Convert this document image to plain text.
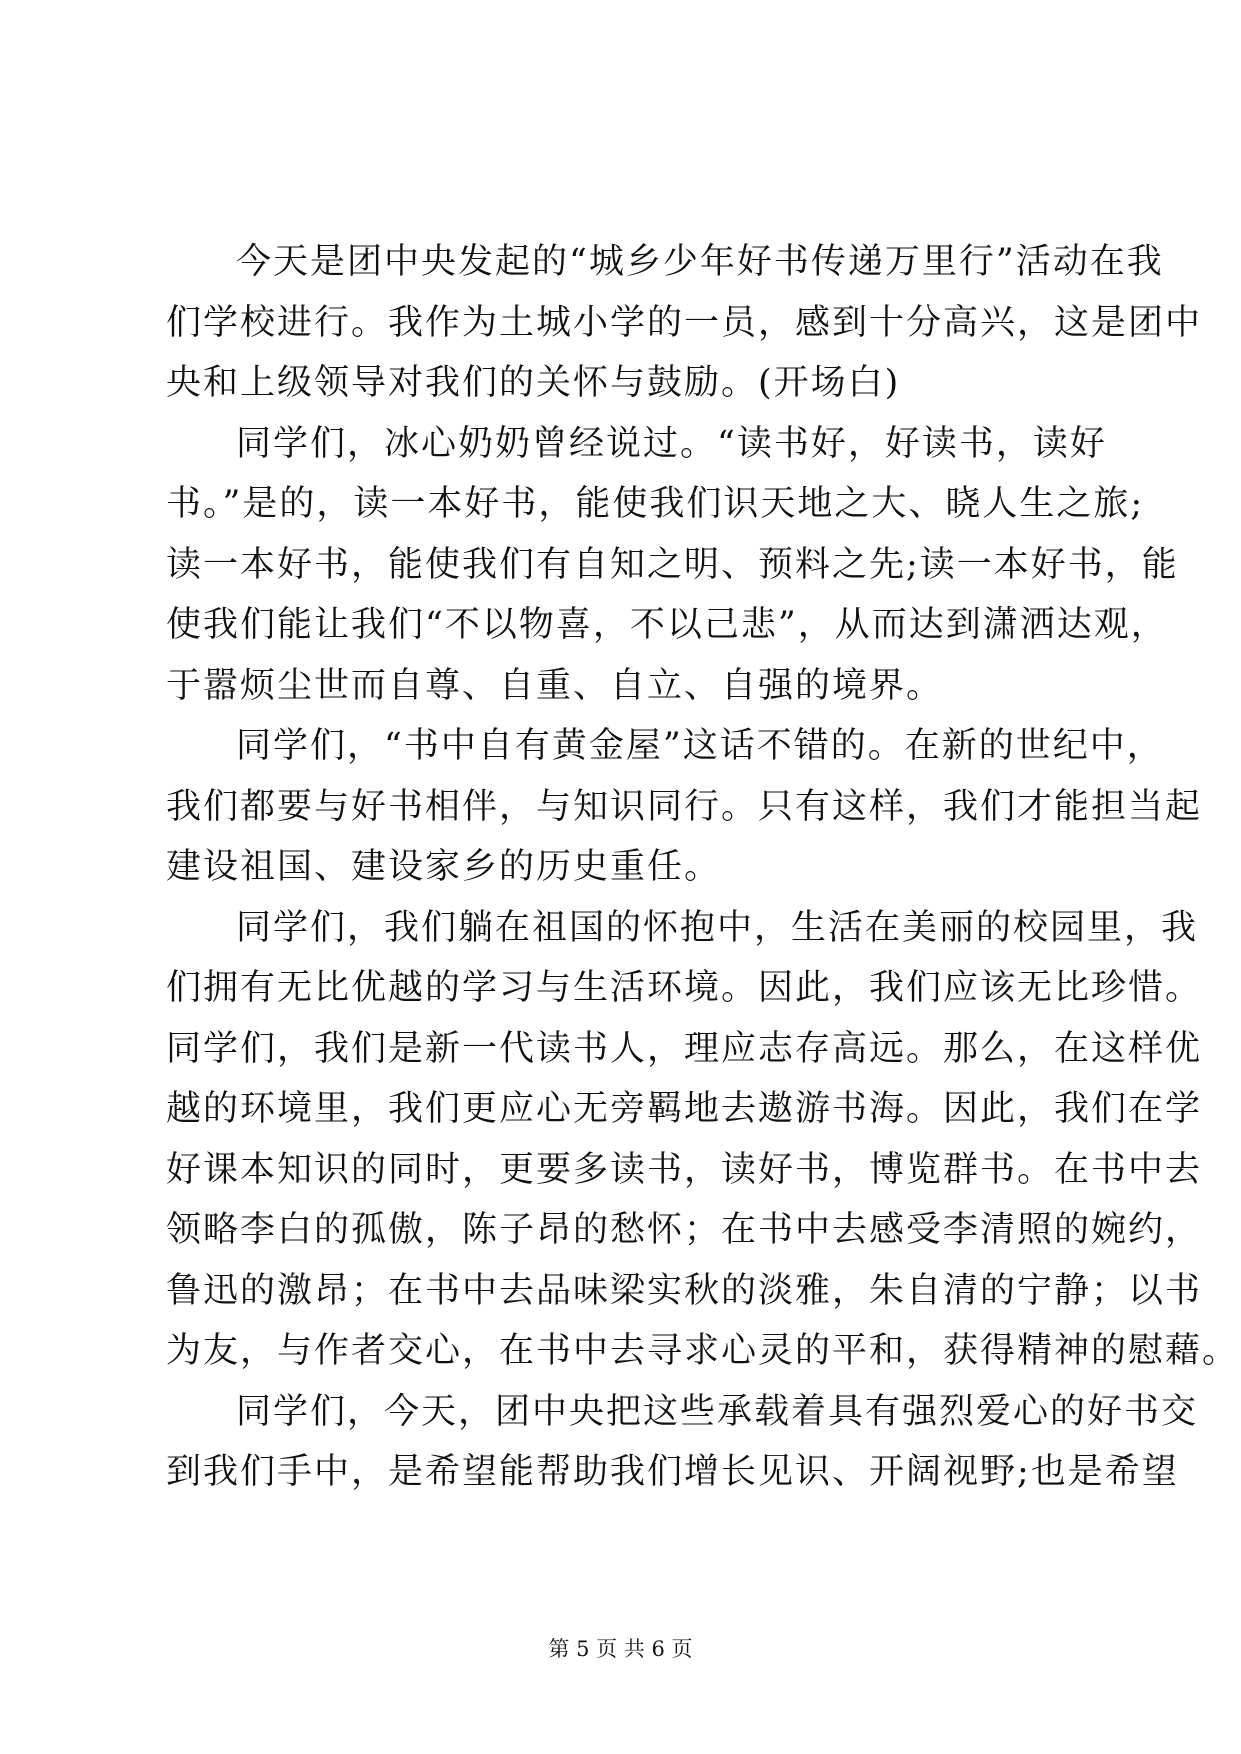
今天是团中央发起的“城乡少年好书传递万里行”活动在我
们学校进行。我作为土城小学的一员，感到十分高兴，这是团中
央和上级领导对我们的关怀与鼓励。(开场白)

同学们，冰心奶奶曾经说过。“读书好，好读书，读好
书。”是的，读一本好书，能使我们识天地之大、晓人生之旅;
读一本好书，能使我们有自知之明、预料之先;读一本好书，能
使我们能让我们“不以物喜，不以己悲”，从而达到潇洒达观，
于嚣烦尘世而自尊、自重、自立、自强的境界。

同学们，“书中自有黄金屋”这话不错的。在新的世纪中，
我们都要与好书相伴，与知识同行。只有这样，我们才能担当起
建设祖国、建设家乡的历史重任。

同学们，我们躺在祖国的怀抱中，生活在美丽的校园里，我
们拥有无比优越的学习与生活环境。因此，我们应该无比珍惜。
同学们，我们是新一代读书人，理应志存高远。那么，在这样优
越的环境里，我们更应心无旁羁地去遨游书海。因此，我们在学
好课本知识的同时，更要多读书，读好书，博览群书。在书中去
领略李白的孤傲，陈子昂的愁怀；在书中去感受李清照的婉约，
鲁迅的激昂；在书中去品味梁实秋的淡雅，朱自清的宁静；以书
为友，与作者交心，在书中去寻求心灵的平和，获得精神的慰藉。

同学们，今天，团中央把这些承载着具有强烈爱心的好书交
到我们手中，是希望能帮助我们增长见识、开阔视野;也是希望

第 5 页 共 6 页
